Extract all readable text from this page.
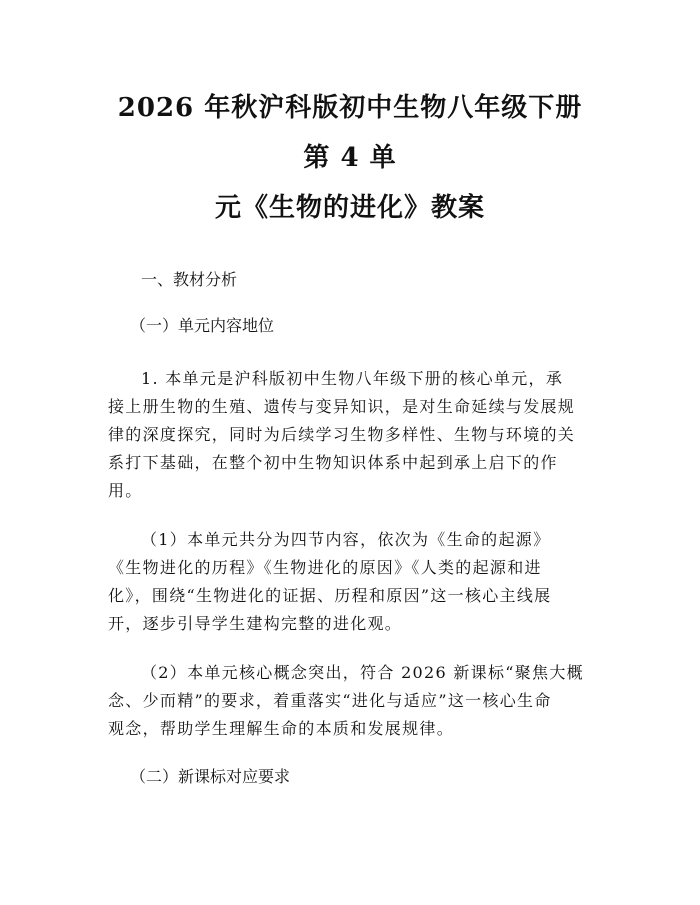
2026 年秋沪科版初中生物八年级下册第 4 单
元《生物的进化》教案

一、教材分析

（一）单元内容地位

1. 本单元是沪科版初中生物八年级下册的核心单元，承
接上册生物的生殖、遗传与变异知识，是对生命延续与发展规
律的深度探究，同时为后续学习生物多样性、生物与环境的关
系打下基础，在整个初中生物知识体系中起到承上启下的作
用。

（1）本单元共分为四节内容，依次为《生命的起源》
《生物进化的历程》《生物进化的原因》《人类的起源和进
化》，围绕“生物进化的证据、历程和原因”这一核心主线展
开，逐步引导学生建构完整的进化观。

（2）本单元核心概念突出，符合 2026 新课标“聚焦大概
念、少而精”的要求，着重落实“进化与适应”这一核心生命
观念，帮助学生理解生命的本质和发展规律。

（二）新课标对应要求
